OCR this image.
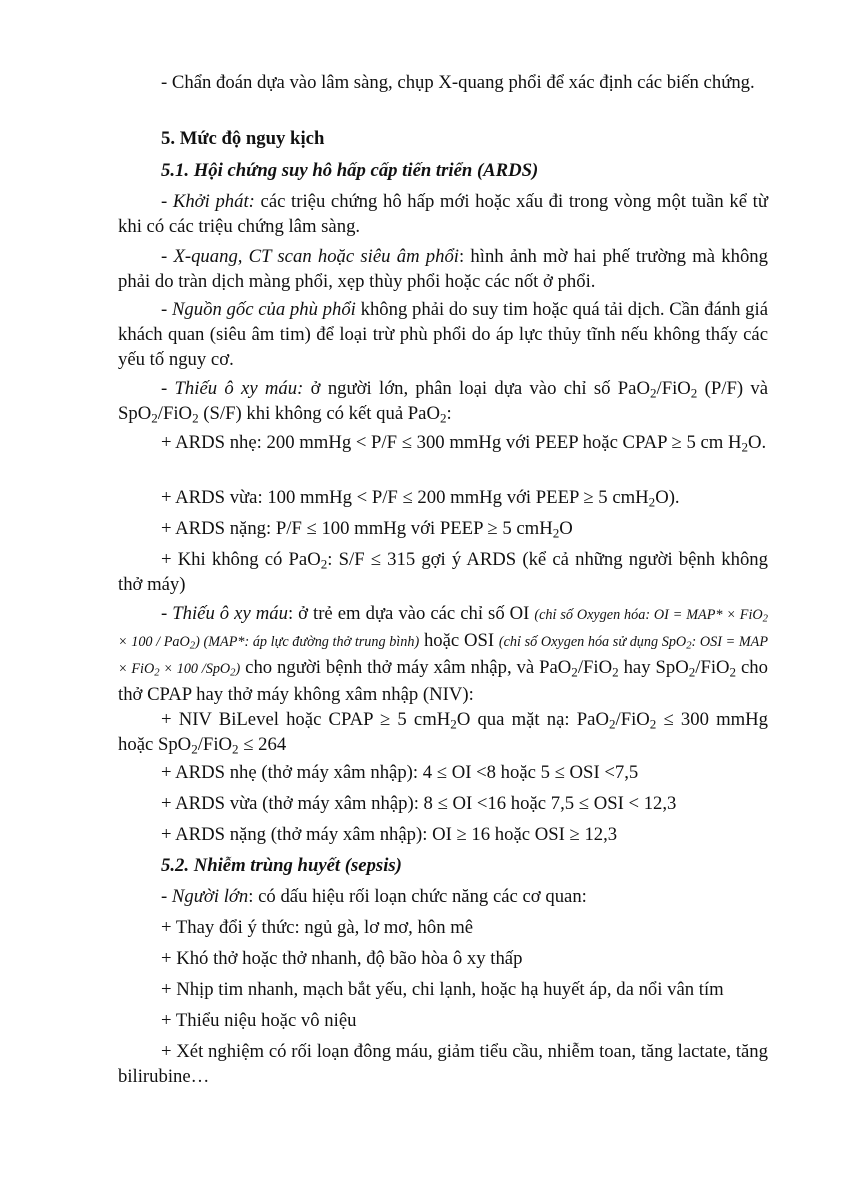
- Chẩn đoán dựa vào lâm sàng, chụp X-quang phổi để xác định các biến chứng.

5. Mức độ nguy kịch

5.1. Hội chứng suy hô hấp cấp tiến triển (ARDS)

- Khởi phát: các triệu chứng hô hấp mới hoặc xấu đi trong vòng một tuần kể từ khi có các triệu chứng lâm sàng.

- X-quang, CT scan hoặc siêu âm phổi: hình ảnh mờ hai phế trường mà không phải do tràn dịch màng phổi, xẹp thùy phổi hoặc các nốt ở phổi.

- Nguồn gốc của phù phổi không phải do suy tim hoặc quá tải dịch. Cần đánh giá khách quan (siêu âm tim) để loại trừ phù phổi do áp lực thủy tĩnh nếu không thấy các yếu tố nguy cơ.

- Thiếu ô xy máu: ở người lớn, phân loại dựa vào chỉ số PaO$_2$/FiO$_2$ (P/F) và SpO$_2$/FiO$_2$ (S/F) khi không có kết quả PaO$_2$:

+ ARDS nhẹ: 200 mmHg < P/F ≤ 300 mmHg với PEEP hoặc CPAP ≥ 5 cm $H_2O$.

+ ARDS vừa: 100 mmHg < P/F ≤ 200 mmHg với PEEP ≥ 5 cmH$_2$O).

+ ARDS nặng: P/F ≤ 100 mmHg với PEEP ≥ 5 cmH$_2$O

+ Khi không có PaO$_2$: S/F ≤ 315 gợi ý ARDS (kể cả những người bệnh không thở máy)

- Thiếu ô xy máu: ở trẻ em dựa vào các chỉ số OI (chỉ số Oxygen hóa: OI = MAP* × FiO$_2$ × 100 / PaO$_2$) (MAP*: áp lực đường thở trung bình) hoặc OSI (chỉ số Oxygen hóa sử dụng SpO$_2$: OSI = MAP × FiO$_2$ × 100 /SpO$_2$) cho người bệnh thở máy xâm nhập, và PaO$_2$/FiO$_2$ hay SpO$_2$/FiO$_2$ cho thở CPAP hay thở máy không xâm nhập (NIV):

+ NIV BiLevel hoặc CPAP ≥ 5 cmH$_2$O qua mặt nạ: PaO$_2$/FiO$_2$ ≤ 300 mmHg hoặc SpO$_2$/FiO$_2$ ≤ 264

+ ARDS nhẹ (thở máy xâm nhập): 4 ≤ OI <8 hoặc 5 ≤ OSI <7,5

+ ARDS vừa (thở máy xâm nhập): 8 ≤ OI <16 hoặc 7,5 ≤ OSI < 12,3

+ ARDS nặng (thở máy xâm nhập): OI ≥ 16 hoặc OSI ≥ 12,3

5.2. Nhiễm trùng huyết (sepsis)

- Người lớn: có dấu hiệu rối loạn chức năng các cơ quan:

+ Thay đổi ý thức: ngủ gà, lơ mơ, hôn mê

+ Khó thở hoặc thở nhanh, độ bão hòa ô xy thấp

+ Nhịp tim nhanh, mạch bắt yếu, chi lạnh, hoặc hạ huyết áp, da nổi vân tím

+ Thiểu niệu hoặc vô niệu

+ Xét nghiệm có rối loạn đông máu, giảm tiểu cầu, nhiễm toan, tăng lactate, tăng bilirubine…
